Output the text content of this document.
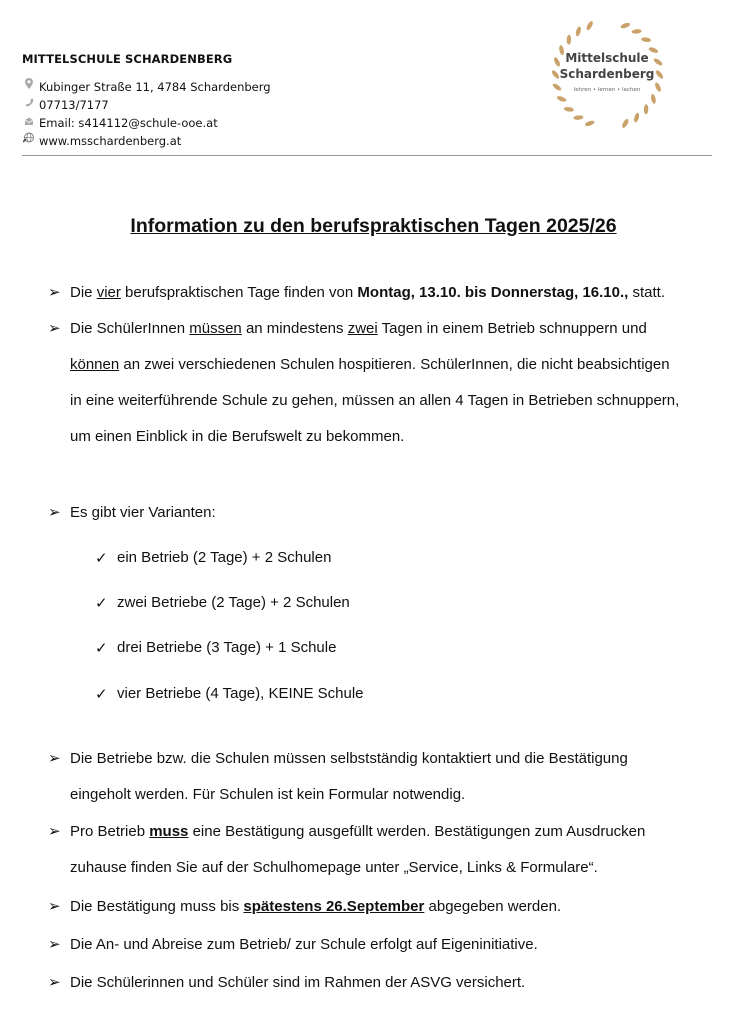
MITTELSCHULE SCHARDENBERG
Kubinger Straße 11, 4784 Schardenberg
07713/7177
Email: s414112@schule-ooe.at
www.msschardenberg.at
Mittelschule
Schardenberg
lehren • lernen • lachen
Information zu den berufspraktischen Tagen 2025/26
➢ Die vier berufspraktischen Tage finden von Montag, 13.10. bis Donnerstag, 16.10., statt.
➢ Die SchülerInnen müssen an mindestens zwei Tagen in einem Betrieb schnuppern und
können an zwei verschiedenen Schulen hospitieren. SchülerInnen, die nicht beabsichtigen
in eine weiterführende Schule zu gehen, müssen an allen 4 Tagen in Betrieben schnuppern,
um einen Einblick in die Berufswelt zu bekommen.
➢ Es gibt vier Varianten:
✓ ein Betrieb (2 Tage) + 2 Schulen
✓ zwei Betriebe (2 Tage) + 2 Schulen
✓ drei Betriebe (3 Tage) + 1 Schule
✓ vier Betriebe (4 Tage), KEINE Schule
➢ Die Betriebe bzw. die Schulen müssen selbstständig kontaktiert und die Bestätigung
eingeholt werden. Für Schulen ist kein Formular notwendig.
➢ Pro Betrieb muss eine Bestätigung ausgefüllt werden. Bestätigungen zum Ausdrucken
zuhause finden Sie auf der Schulhomepage unter „Service, Links & Formulare“.
➢ Die Bestätigung muss bis spätestens 26.September abgegeben werden.
➢ Die An- und Abreise zum Betrieb/ zur Schule erfolgt auf Eigeninitiative.
➢ Die Schülerinnen und Schüler sind im Rahmen der ASVG versichert.
